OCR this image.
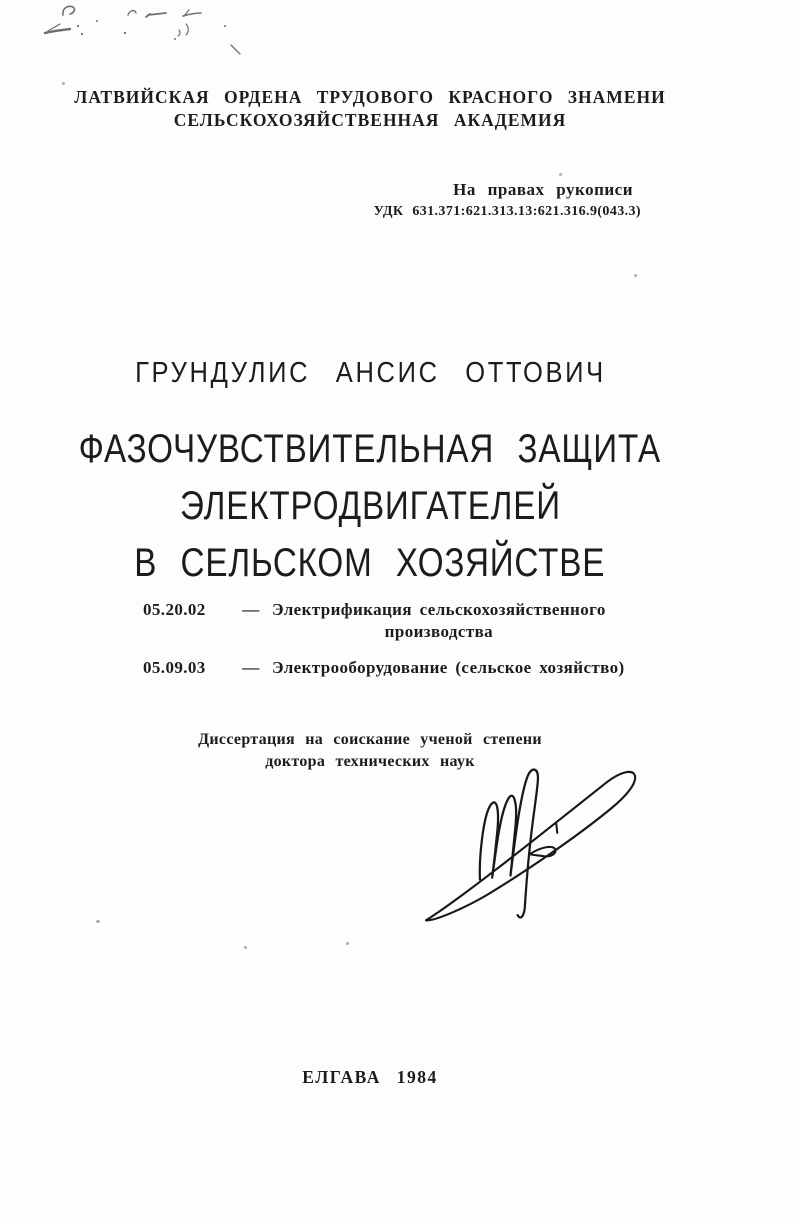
ЛАТВИЙСКАЯ ОРДЕНА ТРУДОВОГО КРАСНОГО ЗНАМЕНИ
СЕЛЬСКОХОЗЯЙСТВЕННАЯ АКАДЕМИЯ
На правах рукописи
УДК 631.371:621.313.13:621.316.9(043.3)
ГРУНДУЛИС АНСИС ОТТОВИЧ
ФАЗОЧУВСТВИТЕЛЬНАЯ ЗАЩИТА
ЭЛЕКТРОДВИГАТЕЛЕЙ
В СЕЛЬСКОМ ХОЗЯЙСТВЕ
05.20.02	— Электрификация сельскохозяйственного
производства
05.09.03	— Электрооборудование (сельское хозяйство)
Диссертация на соискание ученой степени
доктора технических наук
ЕЛГАВА 1984
